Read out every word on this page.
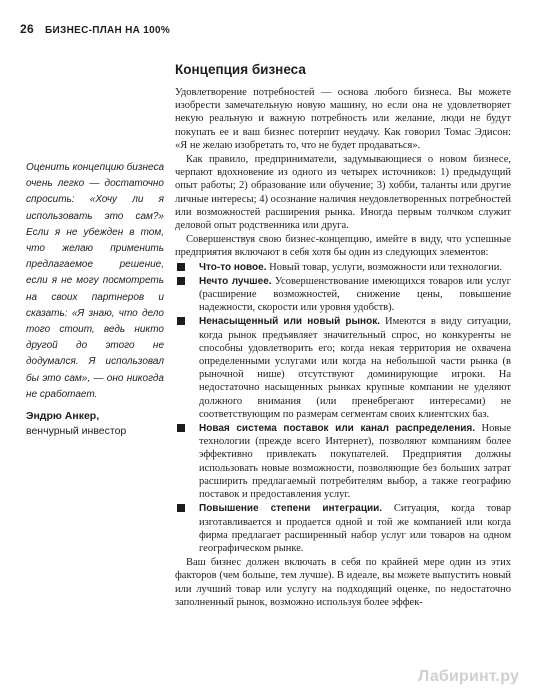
26 БИЗНЕС-ПЛАН НА 100%
Оценить концепцию бизнеса очень легко — достаточно спросить: «Хочу ли я использовать это сам?» Если я не убежден в том, что желаю применить предлагаемое решение, если я не могу посмотреть на своих партнеров и сказать: «Я знаю, что дело того стоит, ведь никто другой до этого не додумался. Я использовал бы это сам», — оно никогда не сработает.
Эндрю Анкер,
венчурный инвестор
Концепция бизнеса

Удовлетворение потребностей — основа любого бизнеса. Вы можете изобрести замечательную новую машину, но если она не удовлетворяет некую реальную и важную потребность или желание, люди не будут покупать ее и ваш бизнес потерпит неудачу. Как говорил Томас Эдисон: «Я не желаю изобретать то, что не будет продаваться».

Как правило, предприниматели, задумывающиеся о новом бизнесе, черпают вдохновение из одного из четырех источников: 1) предыдущий опыт работы; 2) образование или обучение; 3) хобби, таланты или другие личные интересы; 4) осознание наличия неудовлетворенных потребностей или возможностей расширения рынка. Иногда первым толчком служит деловой опыт родственника или друга.

Совершенствуя свою бизнес-концепцию, имейте в виду, что успешные предприятия включают в себя хотя бы один из следующих элементов:

Что-то новое. Новый товар, услуги, возможности или технологии.
Нечто лучшее. Усовершенствование имеющихся товаров или услуг (расширение возможностей, снижение цены, повышение надежности, скорости или уровня удобств).
Ненасыщенный или новый рынок. Имеются в виду ситуации, когда рынок предъявляет значительный спрос, но конкуренты не способны удовлетворить его; когда некая территория не охвачена определенными услугами или когда на небольшой части рынка (в рыночной нише) отсутствуют доминирующие игроки. На недостаточно насыщенных рынках крупные компании не уделяют должного внимания (или пренебрегают интересами) не соответствующим по размерам сегментам своих клиентских баз.
Новая система поставок или канал распределения. Новые технологии (прежде всего Интернет), позволяют компаниям более эффективно привлекать покупателей. Предприятия должны использовать новые возможности, позволяющие без больших затрат расширить предлагаемый потребителям выбор, а также географию поставок и предоставления услуг.
Повышение степени интеграции. Ситуация, когда товар изготавливается и продается одной и той же компанией или когда фирма предлагает расширенный набор услуг или товаров на одном географическом рынке.

Ваш бизнес должен включать в себя по крайней мере один из этих факторов (чем больше, тем лучше). В идеале, вы можете выпустить новый или лучший товар или услугу на подходящий оценке, по недостаточно заполненный рынок, возможно используя более эффек-

Лабиринт.ру
